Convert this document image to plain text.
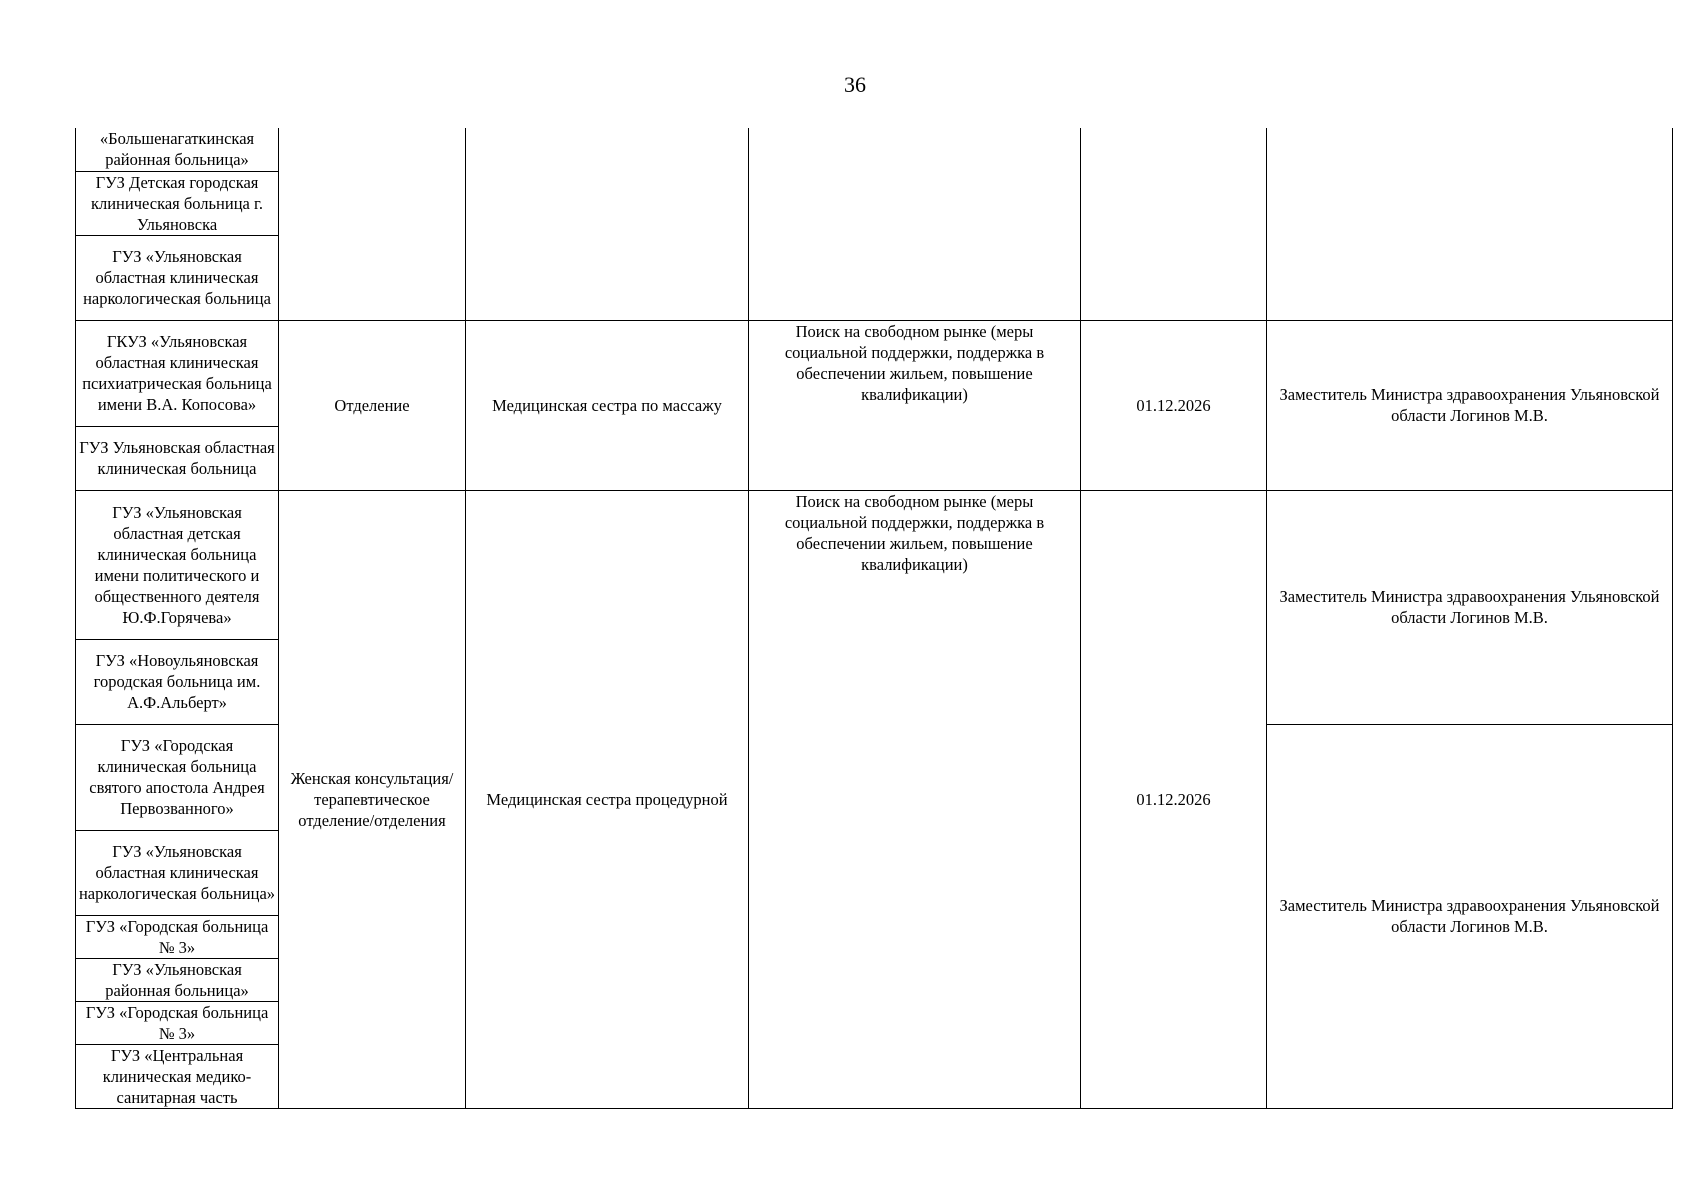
36
«Большенагаткинская районная больница»					
ГУЗ Детская городская клиническая больница г. Ульяновска					
ГУЗ «Ульяновская областная клиническая наркологическая больница					
ГКУЗ «Ульяновская областная клиническая психиатрическая больница имени В.А. Копосова»	Отделение	Медицинская сестра по массажу	Поиск на свободном рынке (меры социальной поддержки, поддержка в обеспечении жильем, повышение квалификации)	01.12.2026	Заместитель Министра здравоохранения Ульяновской области Логинов М.В.
ГУЗ Ульяновская областная клиническая больница					
ГУЗ «Ульяновская областная детская клиническая больница имени политического и общественного деятеля Ю.Ф.Горячева»	Женская консультация/ терапевтическое отделение/отделения	Медицинская сестра процедурной	Поиск на свободном рынке (меры социальной поддержки, поддержка в обеспечении жильем, повышение квалификации)	01.12.2026	Заместитель Министра здравоохранения Ульяновской области Логинов М.В.
ГУЗ «Новоульяновская городская больница им. А.Ф.Альберт»					
ГУЗ «Городская клиническая больница святого апостола Андрея Первозванного»					Заместитель Министра здравоохранения Ульяновской области Логинов М.В.
ГУЗ «Ульяновская областная клиническая наркологическая больница»					
ГУЗ «Городская больница № 3»					
ГУЗ «Ульяновская районная больница»					
ГУЗ «Городская больница № 3»					
ГУЗ «Центральная клиническая медико-санитарная часть					
